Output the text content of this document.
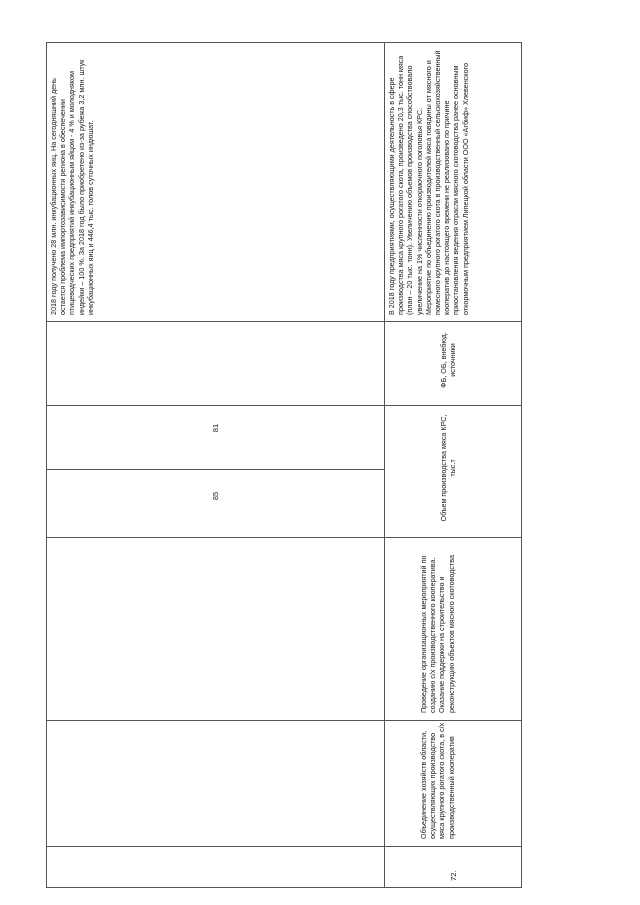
2018 году получено 28 млн. инкубационных яиц. На сегодняшний день остается проблема импортозависимости региона в обеспечении птицеводческих предприятий инкубационным яйцом - 4 % и молодняком индейки – 100 %. За 2018 год было приобретено из-за рубежа 3,2 млн. штук инкубационных яиц и 446,4 тыс. голов суточных индюшат.
81
85

В 2018 году предприятиями, осуществляющими деятельность в сфере производства мяса крупного рогатого скота, произведено 20,3 тыс. тонн мяса (план – 20 тыс. тонн). Увеличению объемов производства способствовало увеличение на 1% численности откормочного поголовья КРС. Мероприятие по объединению производителей мяса говядины от мясного и помесного крупного рогатого скота в производственный сельскохозяйственный кооператив до настоящего времени не реализовано по причине приостановления ведения отрасли мясного скотоводства ранее основным откормочным предприятием Липецкой области ООО «Агбиф» Хлевенского

ФБ, ОБ, внебюд. источники
Объем производства мяса КРС, тыс.т
Проведение организационных мероприятий по созданию с/х производственного кооператива. Оказание поддержки на строительство и реконструкцию объектов мясного скотоводства
Объединение хозяйств области, осуществляющих производство мяса крупного рогатого скота, в с/х производственный кооператив
72.
